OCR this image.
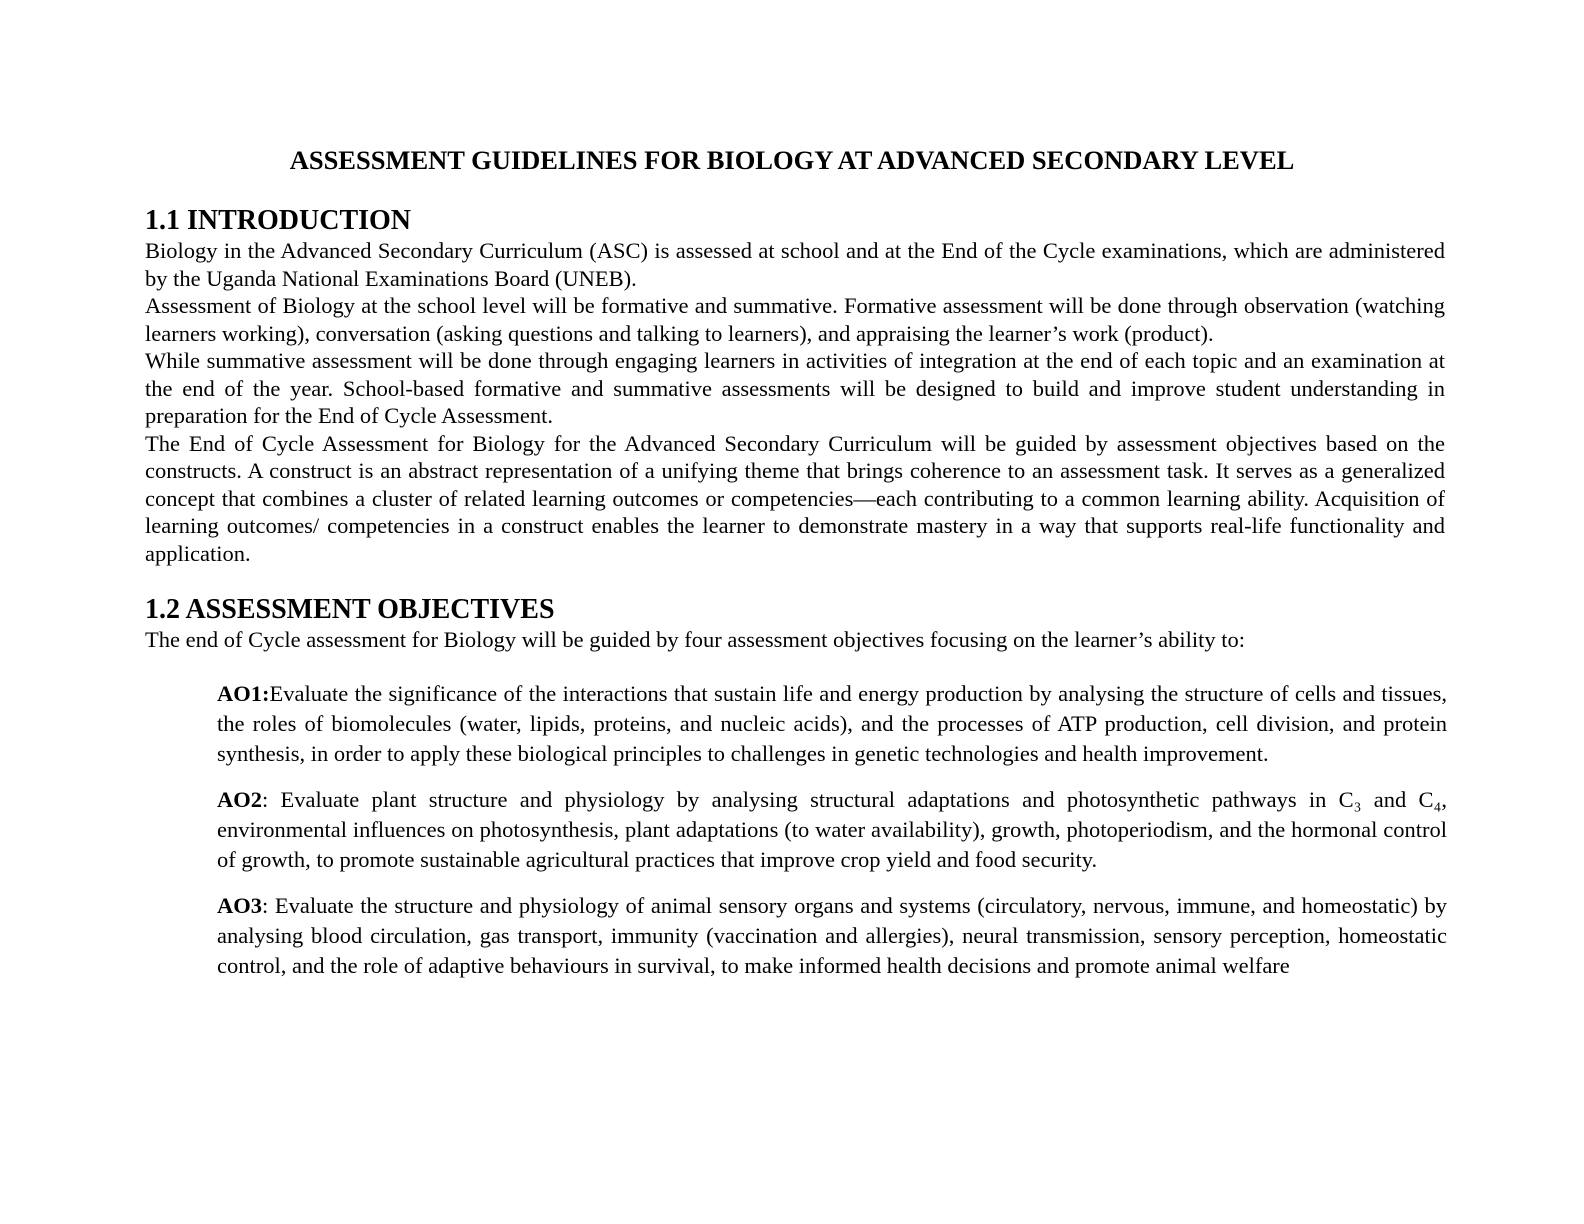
ASSESSMENT GUIDELINES FOR BIOLOGY AT ADVANCED SECONDARY LEVEL
1.1 INTRODUCTION

Biology in the Advanced Secondary Curriculum (ASC) is assessed at school and at the End of the Cycle examinations, which are administered by the Uganda National Examinations Board (UNEB).

Assessment of Biology at the school level will be formative and summative. Formative assessment will be done through observation (watching learners working), conversation (asking questions and talking to learners), and appraising the learner’s work (product).

While summative assessment will be done through engaging learners in activities of integration at the end of each topic and an examination at the end of the year. School-based formative and summative assessments will be designed to build and improve student understanding in preparation for the End of Cycle Assessment.

The End of Cycle Assessment for Biology for the Advanced Secondary Curriculum will be guided by assessment objectives based on the constructs. A construct is an abstract representation of a unifying theme that brings coherence to an assessment task. It serves as a generalized concept that combines a cluster of related learning outcomes or competencies—each contributing to a common learning ability. Acquisition of learning outcomes/ competencies in a construct enables the learner to demonstrate mastery in a way that supports real-life functionality and application.

1.2 ASSESSMENT OBJECTIVES

The end of Cycle assessment for Biology will be guided by four assessment objectives focusing on the learner’s ability to:

AO1:Evaluate the significance of the interactions that sustain life and energy production by analysing the structure of cells and tissues, the roles of biomolecules (water, lipids, proteins, and nucleic acids), and the processes of ATP production, cell division, and protein synthesis, in order to apply these biological principles to challenges in genetic technologies and health improvement.

AO2: Evaluate plant structure and physiology by analysing structural adaptations and photosynthetic pathways in C₃ and C₄, environmental influences on photosynthesis, plant adaptations (to water availability), growth, photoperiodism, and the hormonal control of growth, to promote sustainable agricultural practices that improve crop yield and food security.

AO3: Evaluate the structure and physiology of animal sensory organs and systems (circulatory, nervous, immune, and homeostatic) by analysing blood circulation, gas transport, immunity (vaccination and allergies), neural transmission, sensory perception, homeostatic control, and the role of adaptive behaviours in survival, to make informed health decisions and promote animal welfare
